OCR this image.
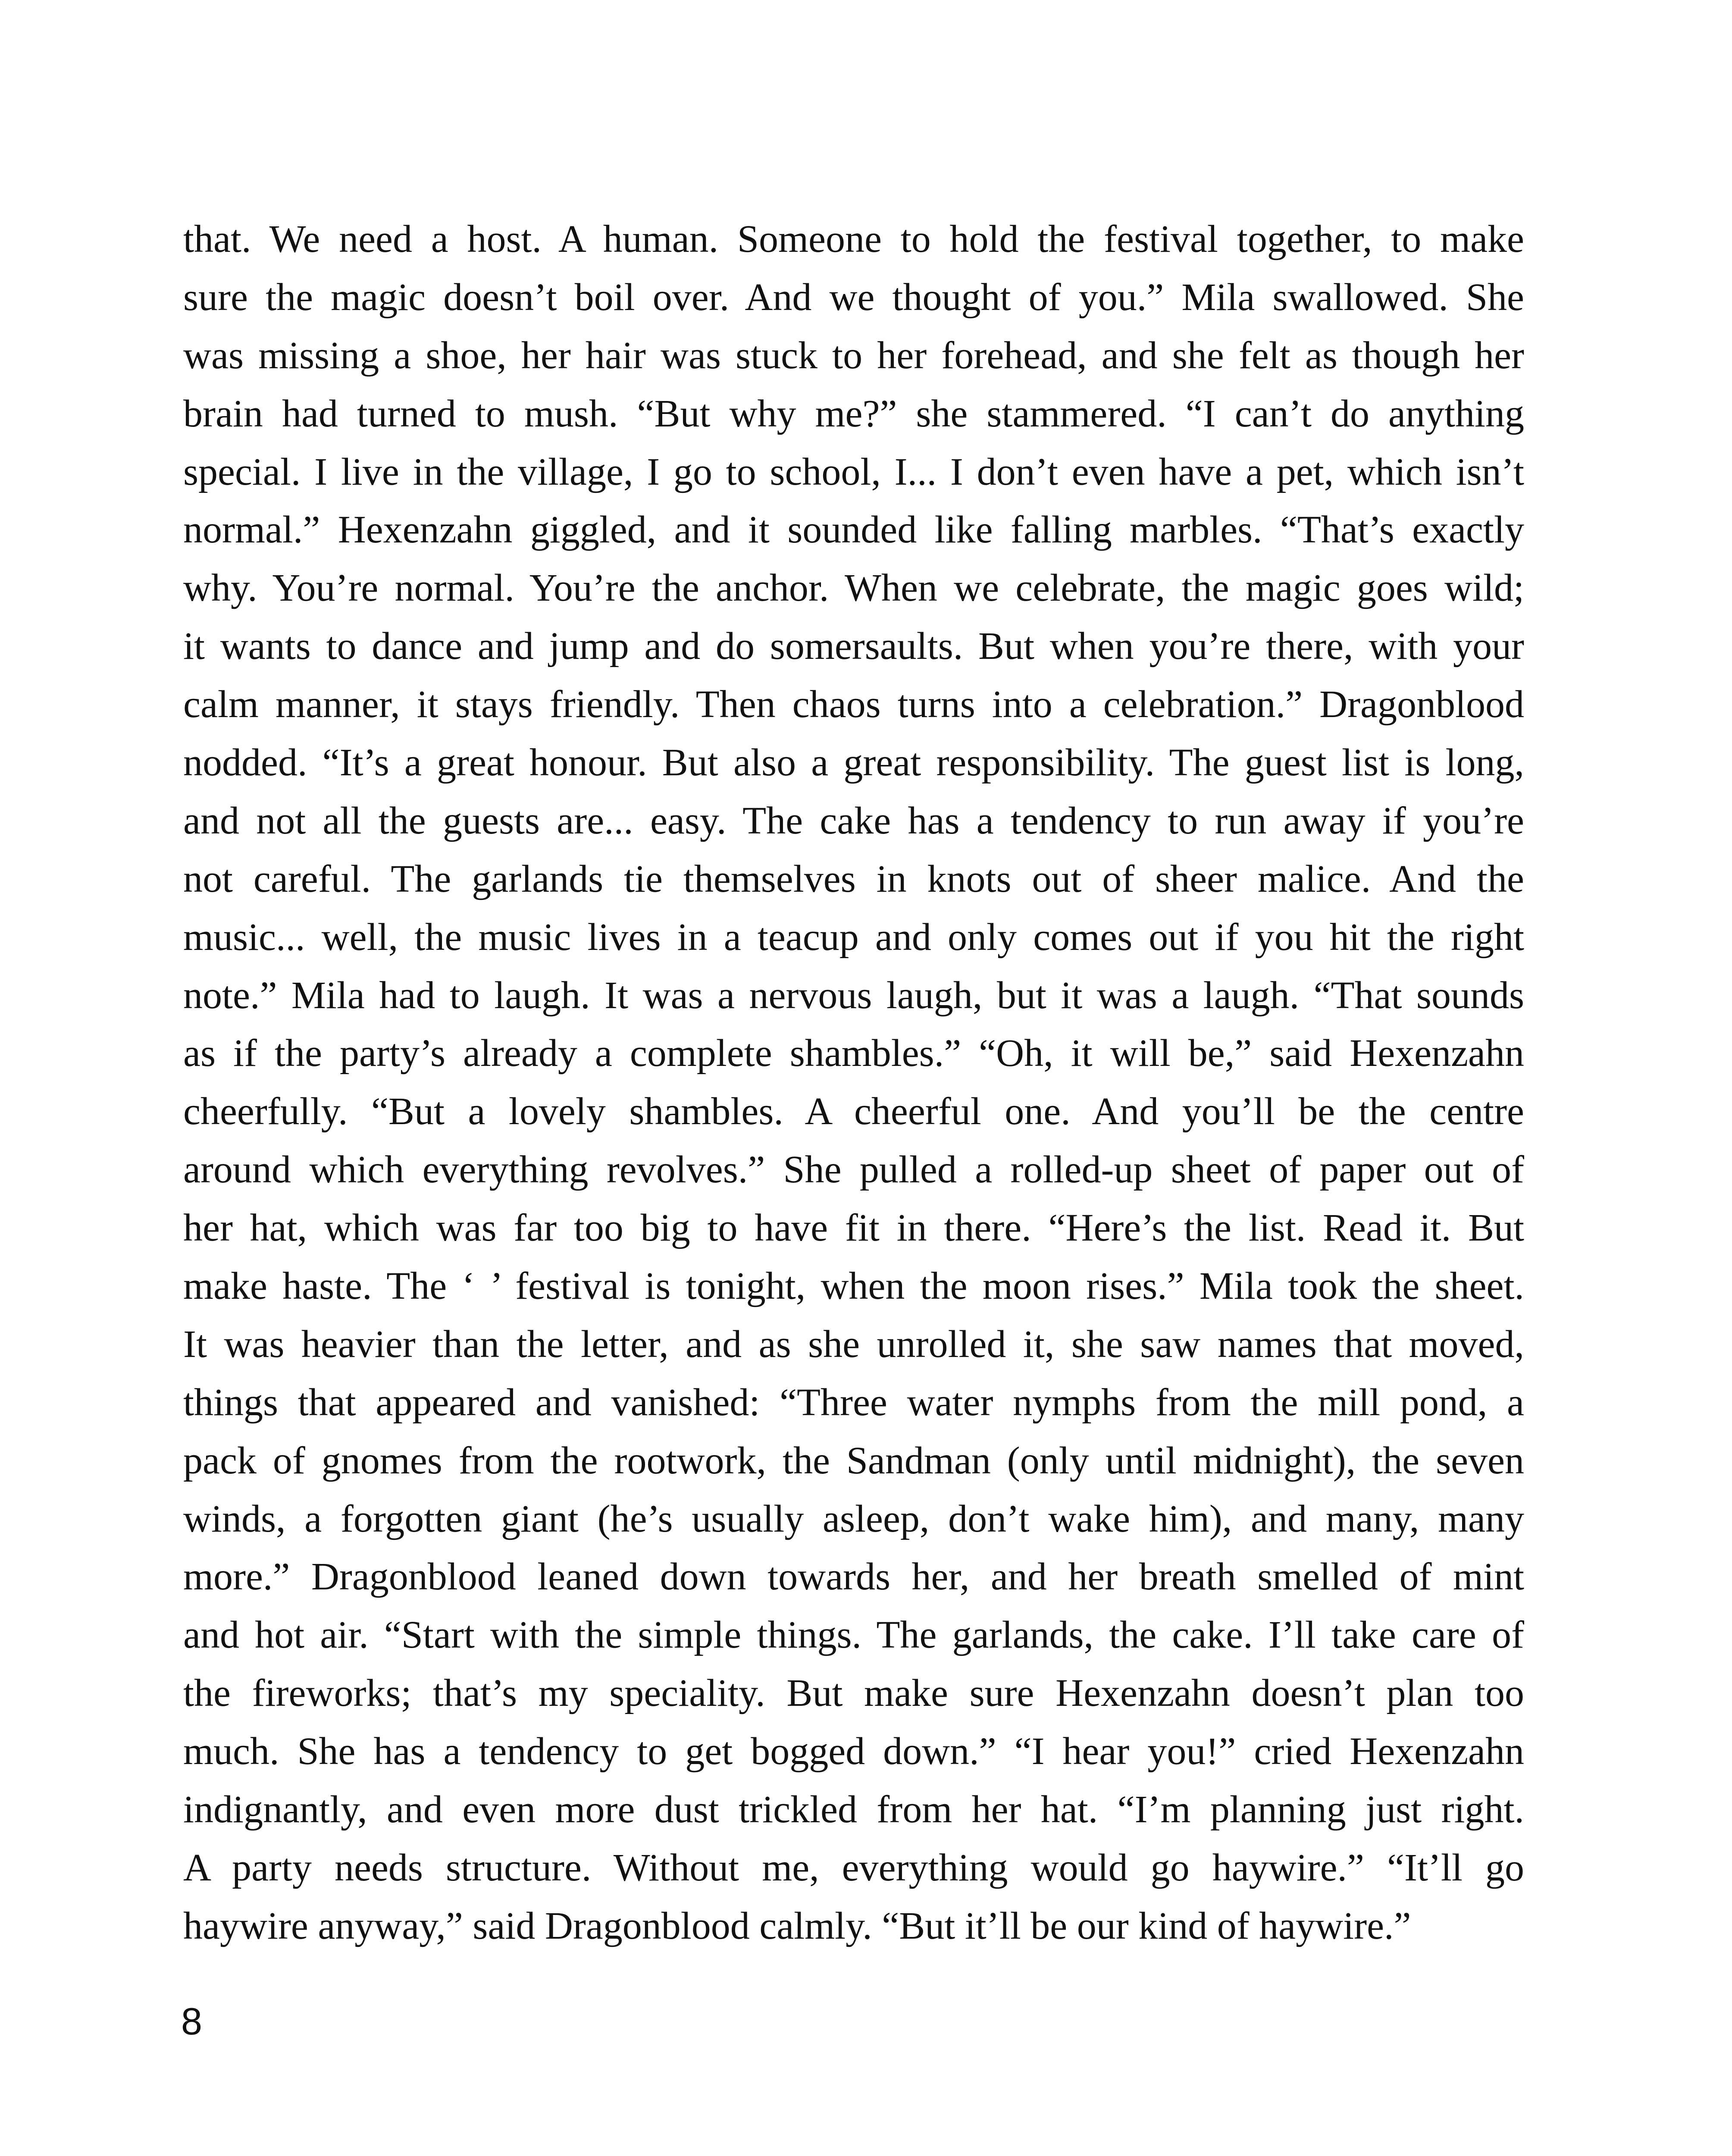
that. We need a host. A human. Someone to hold the festival together, to make
sure the magic doesn’t boil over. And we thought of you.” Mila swallowed. She
was missing a shoe, her hair was stuck to her forehead, and she felt as though her
brain had turned to mush. “But why me?” she stammered. “I can’t do anything
special. I live in the village, I go to school, I... I don’t even have a pet, which isn’t
normal.” Hexenzahn giggled, and it sounded like falling marbles. “That’s exactly
why. You’re normal. You’re the anchor. When we celebrate, the magic goes wild;
it wants to dance and jump and do somersaults. But when you’re there, with your
calm manner, it stays friendly. Then chaos turns into a celebration.” Dragonblood
nodded. “It’s a great honour. But also a great responsibility. The guest list is long,
and not all the guests are... easy. The cake has a tendency to run away if you’re
not careful. The garlands tie themselves in knots out of sheer malice. And the
music... well, the music lives in a teacup and only comes out if you hit the right
note.” Mila had to laugh. It was a nervous laugh, but it was a laugh. “That sounds
as if the party’s already a complete shambles.” “Oh, it will be,” said Hexenzahn
cheerfully. “But a lovely shambles. A cheerful one. And you’ll be the centre
around which everything revolves.” She pulled a rolled-up sheet of paper out of
her hat, which was far too big to have fit in there. “Here’s the list. Read it. But
make haste. The ‘ ’ festival is tonight, when the moon rises.” Mila took the sheet.
It was heavier than the letter, and as she unrolled it, she saw names that moved,
things that appeared and vanished: “Three water nymphs from the mill pond, a
pack of gnomes from the rootwork, the Sandman (only until midnight), the seven
winds, a forgotten giant (he’s usually asleep, don’t wake him), and many, many
more.” Dragonblood leaned down towards her, and her breath smelled of mint
and hot air. “Start with the simple things. The garlands, the cake. I’ll take care of
the fireworks; that’s my speciality. But make sure Hexenzahn doesn’t plan too
much. She has a tendency to get bogged down.” “I hear you!” cried Hexenzahn
indignantly, and even more dust trickled from her hat. “I’m planning just right.
A party needs structure. Without me, everything would go haywire.” “It’ll go
haywire anyway,” said Dragonblood calmly. “But it’ll be our kind of haywire.”
8
